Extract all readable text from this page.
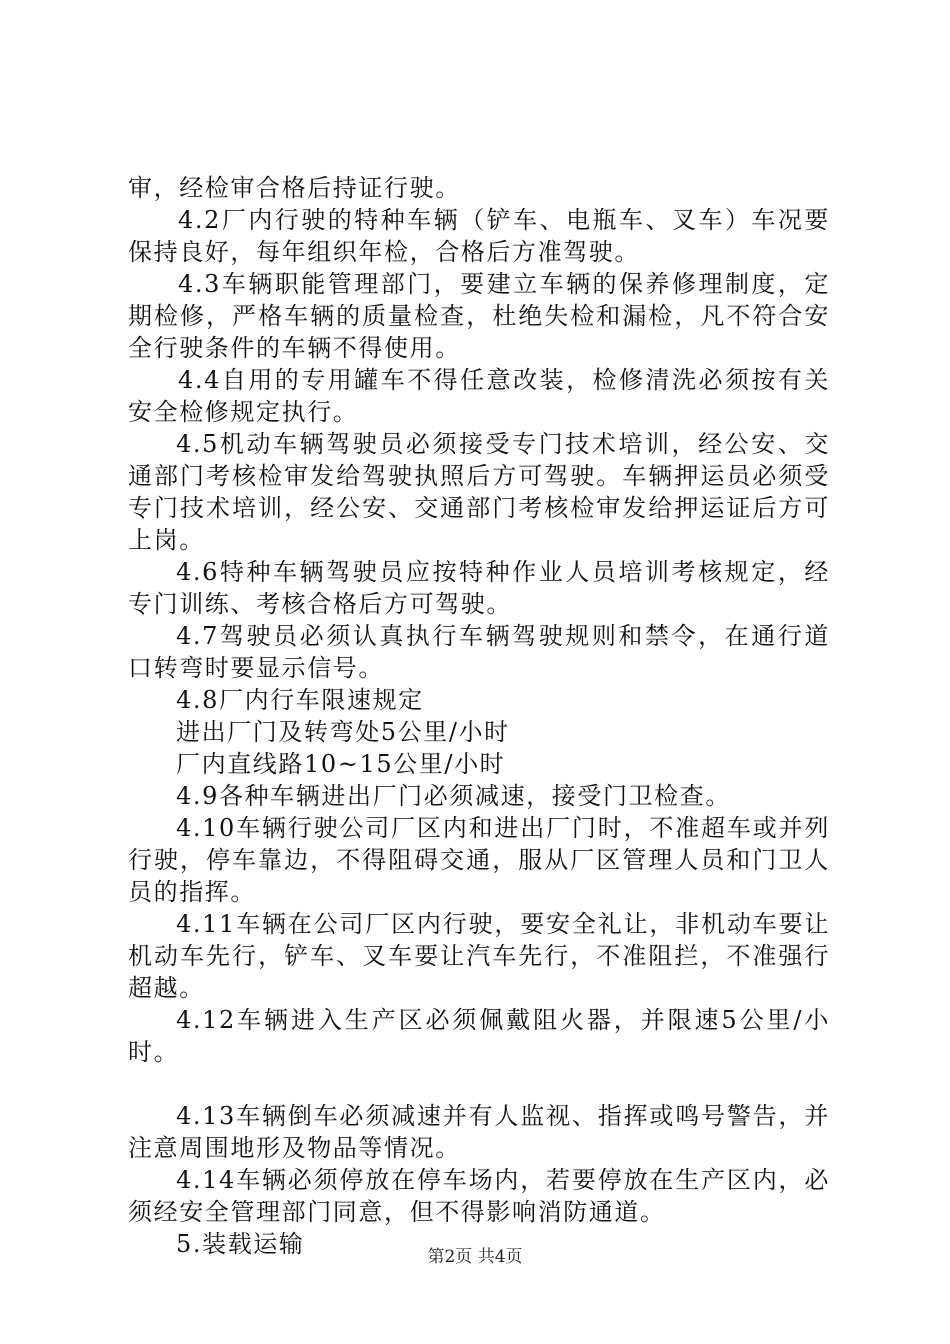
审，经检审合格后持证行驶。

4.2厂内行驶的特种车辆（铲车、电瓶车、叉车）车况要保持良好，每年组织年检，合格后方准驾驶。

4.3车辆职能管理部门，要建立车辆的保养修理制度，定期检修，严格车辆的质量检查，杜绝失检和漏检，凡不符合安全行驶条件的车辆不得使用。

4.4自用的专用罐车不得任意改装，检修清洗必须按有关安全检修规定执行。

4.5机动车辆驾驶员必须接受专门技术培训，经公安、交通部门考核检审发给驾驶执照后方可驾驶。车辆押运员必须受专门技术培训，经公安、交通部门考核检审发给押运证后方可上岗。

4.6特种车辆驾驶员应按特种作业人员培训考核规定，经专门训练、考核合格后方可驾驶。

4.7驾驶员必须认真执行车辆驾驶规则和禁令，在通行道口转弯时要显示信号。

4.8厂内行车限速规定

进出厂门及转弯处5公里/小时

厂内直线路10~15公里/小时

4.9各种车辆进出厂门必须减速，接受门卫检查。

4.10车辆行驶公司厂区内和进出厂门时，不准超车或并列行驶，停车靠边，不得阻碍交通，服从厂区管理人员和门卫人员的指挥。

4.11车辆在公司厂区内行驶，要安全礼让，非机动车要让机动车先行，铲车、叉车要让汽车先行，不准阻拦，不准强行超越。

4.12车辆进入生产区必须佩戴阻火器，并限速5公里/小时。

4.13车辆倒车必须减速并有人监视、指挥或鸣号警告，并注意周围地形及物品等情况。

4.14车辆必须停放在停车场内，若要停放在生产区内，必须经安全管理部门同意，但不得影响消防通道。

5.装载运输	第2页 共4页
